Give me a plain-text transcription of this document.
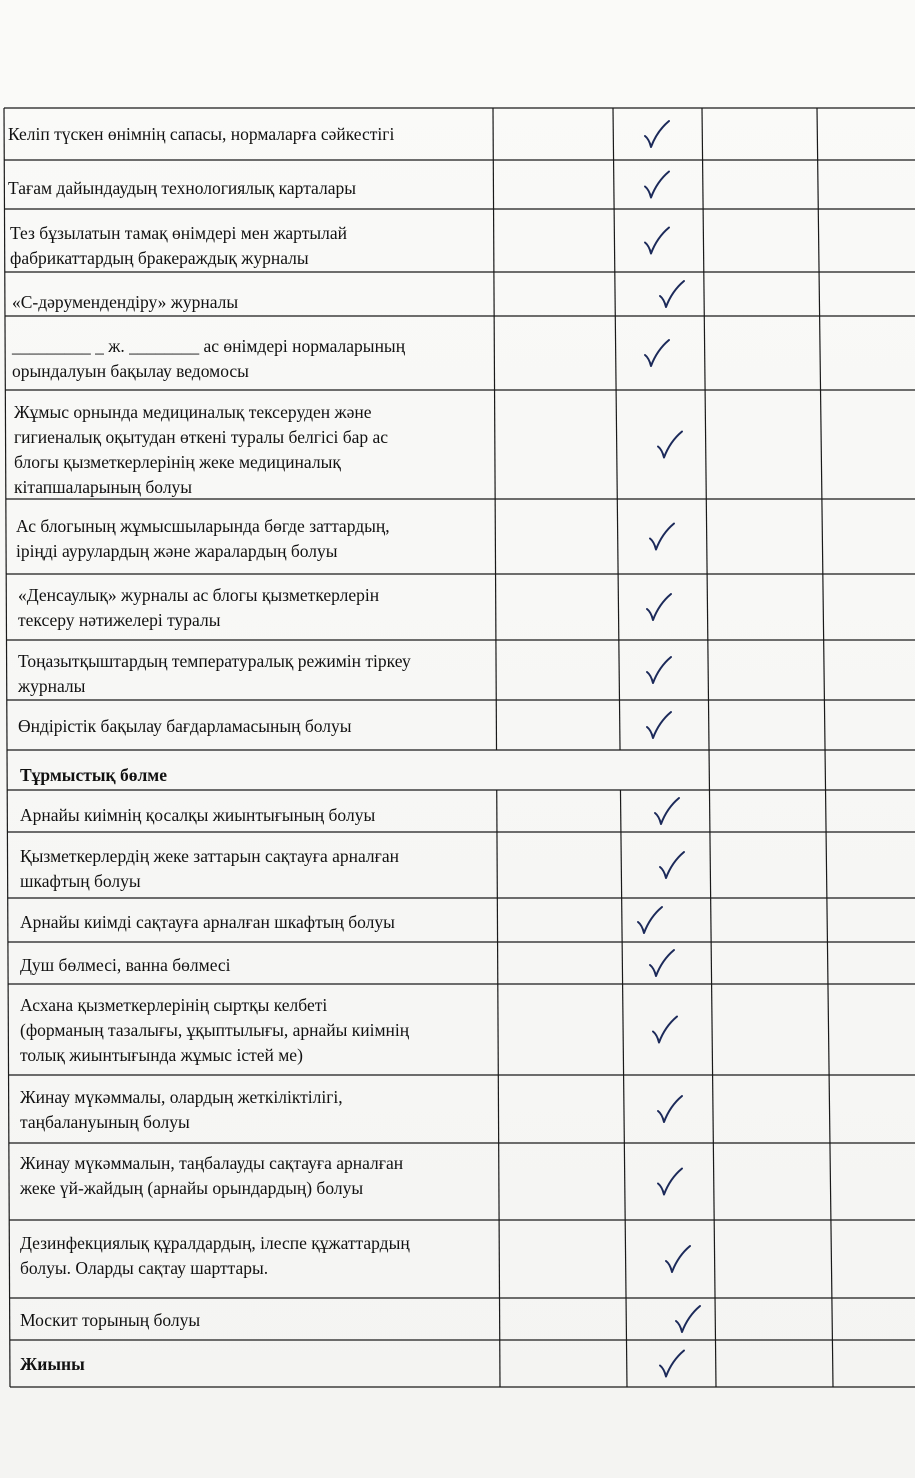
Келіп түскен өнімнің сапасы, нормаларға сәйкестігі
Тағам дайындаудың технологиялық карталары
Тез бұзылатын тамақ өнімдері мен жартылай
фабрикаттардың бракераждық журналы
«С-дәрумендендіру» журналы
_________ _ ж. ________ ас өнімдері нормаларының
орындалуын бақылау ведомосы
Жұмыс орнында медициналық тексеруден және
гигиеналық оқытудан өткені туралы белгісі бар ас
блогы қызметкерлерінің жеке медициналық
кітапшаларының болуы
Ас блогының жұмысшыларында бөгде заттардың,
іріңді аурулардың және жаралардың болуы
«Денсаулық» журналы ас блогы қызметкерлерін
тексеру нәтижелері туралы
Тоңазытқыштардың температуралық режимін тіркеу
журналы
Өндірістік бақылау бағдарламасының болуы
Тұрмыстық бөлме
Арнайы киімнің қосалқы жиынтығының болуы
Қызметкерлердің жеке заттарын сақтауға арналған
шкафтың болуы
Арнайы киімді сақтауға арналған шкафтың болуы
Душ бөлмесі, ванна бөлмесі
Асхана қызметкерлерінің сыртқы келбеті
(форманың тазалығы, ұқыптылығы, арнайы киімнің
толық жиынтығында жұмыс істей ме)
Жинау мүкәммалы, олардың жеткіліктілігі,
таңбалануының болуы
Жинау мүкәммалын, таңбалауды сақтауға арналған
жеке үй-жайдың (арнайы орындардың) болуы
Дезинфекциялық құралдардың, ілеспе құжаттардың
болуы. Оларды сақтау шарттары.
Москит торының болуы
Жиыны
